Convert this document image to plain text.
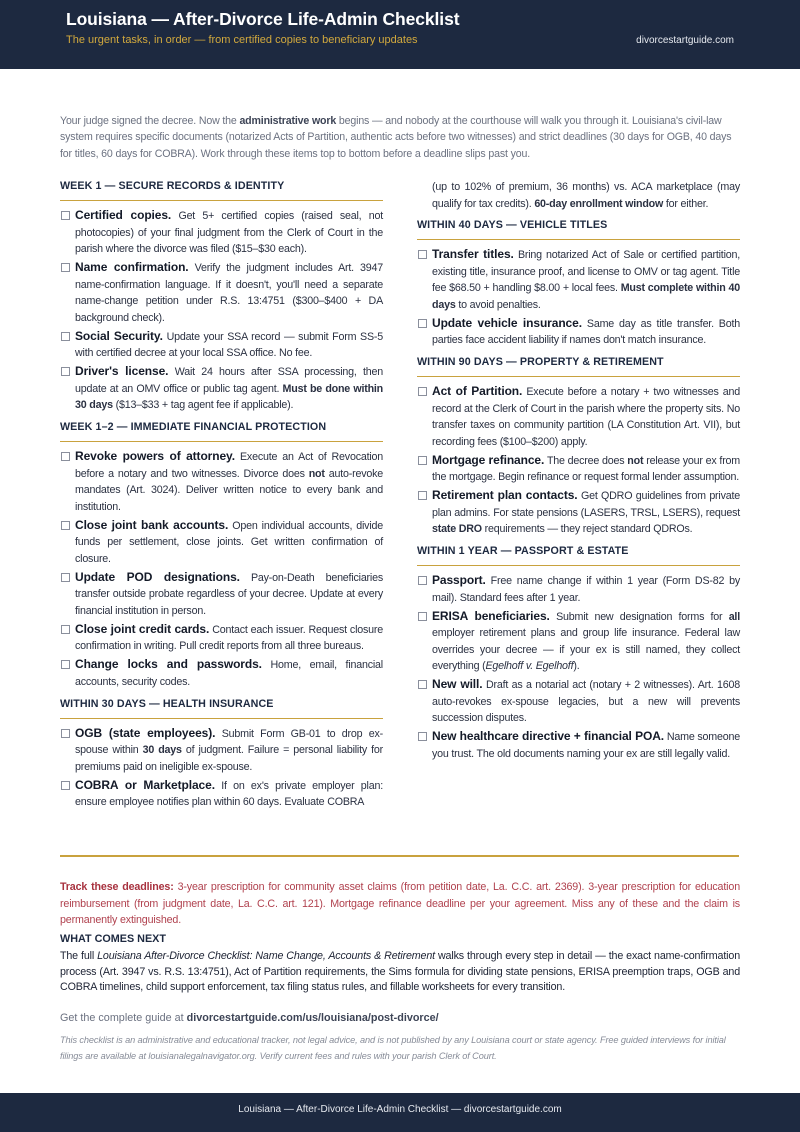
Louisiana — After-Divorce Life-Admin Checklist
The urgent tasks, in order — from certified copies to beneficiary updates	divorcestartguide.com
Your judge signed the decree. Now the administrative work begins — and nobody at the courthouse will walk you through it. Louisiana's civil-law system requires specific documents (notarized Acts of Partition, authentic acts before two witnesses) and strict deadlines (30 days for OGB, 40 days for titles, 60 days for COBRA). Work through these items top to bottom before a deadline slips past you.
WEEK 1 — SECURE RECORDS & IDENTITY
Certified copies. Get 5+ certified copies (raised seal, not photocopies) of your final judgment from the Clerk of Court in the parish where the divorce was filed ($15–$30 each).
Name confirmation. Verify the judgment includes Art. 3947 name-confirmation language. If it doesn't, you'll need a separate name-change petition under R.S. 13:4751 ($300–$400 + DA background check).
Social Security. Update your SSA record — submit Form SS-5 with certified decree at your local SSA office. No fee.
Driver's license. Wait 24 hours after SSA processing, then update at an OMV office or public tag agent. Must be done within 30 days ($13–$33 + tag agent fee if applicable).
WEEK 1–2 — IMMEDIATE FINANCIAL PROTECTION
Revoke powers of attorney. Execute an Act of Revocation before a notary and two witnesses. Divorce does not auto-revoke mandates (Art. 3024). Deliver written notice to every bank and institution.
Close joint bank accounts. Open individual accounts, divide funds per settlement, close joints. Get written confirmation of closure.
Update POD designations. Pay-on-Death beneficiaries transfer outside probate regardless of your decree. Update at every financial institution in person.
Close joint credit cards. Contact each issuer. Request closure confirmation in writing. Pull credit reports from all three bureaus.
Change locks and passwords. Home, email, financial accounts, security codes.
WITHIN 30 DAYS — HEALTH INSURANCE
OGB (state employees). Submit Form GB-01 to drop ex-spouse within 30 days of judgment. Failure = personal liability for premiums paid on ineligible ex-spouse.
COBRA or Marketplace. If on ex's private employer plan: ensure employee notifies plan within 60 days. Evaluate COBRA
(up to 102% of premium, 36 months) vs. ACA marketplace (may qualify for tax credits). 60-day enrollment window for either.
WITHIN 40 DAYS — VEHICLE TITLES
Transfer titles. Bring notarized Act of Sale or certified partition, existing title, insurance proof, and license to OMV or tag agent. Title fee $68.50 + handling $8.00 + local fees. Must complete within 40 days to avoid penalties.
Update vehicle insurance. Same day as title transfer. Both parties face accident liability if names don't match insurance.
WITHIN 90 DAYS — PROPERTY & RETIREMENT
Act of Partition. Execute before a notary + two witnesses and record at the Clerk of Court in the parish where the property sits. No transfer taxes on community partition (LA Constitution Art. VII), but recording fees ($100–$200) apply.
Mortgage refinance. The decree does not release your ex from the mortgage. Begin refinance or request formal lender assumption.
Retirement plan contacts. Get QDRO guidelines from private plan admins. For state pensions (LASERS, TRSL, LSERS), request state DRO requirements — they reject standard QDROs.
WITHIN 1 YEAR — PASSPORT & ESTATE
Passport. Free name change if within 1 year (Form DS-82 by mail). Standard fees after 1 year.
ERISA beneficiaries. Submit new designation forms for all employer retirement plans and group life insurance. Federal law overrides your decree — if your ex is still named, they collect everything (Egelhoff v. Egelhoff).
New will. Draft as a notarial act (notary + 2 witnesses). Art. 1608 auto-revokes ex-spouse legacies, but a new will prevents succession disputes.
New healthcare directive + financial POA. Name someone you trust. The old documents naming your ex are still legally valid.
Track these deadlines: 3-year prescription for community asset claims (from petition date, La. C.C. art. 2369). 3-year prescription for education reimbursement (from judgment date, La. C.C. art. 121). Mortgage refinance deadline per your agreement. Miss any of these and the claim is permanently extinguished.
WHAT COMES NEXT
The full Louisiana After-Divorce Checklist: Name Change, Accounts & Retirement walks through every step in detail — the exact name-confirmation process (Art. 3947 vs. R.S. 13:4751), Act of Partition requirements, the Sims formula for dividing state pensions, ERISA preemption traps, OGB and COBRA timelines, child support enforcement, tax filing status rules, and fillable worksheets for every transition.
Get the complete guide at divorcestartguide.com/us/louisiana/post-divorce/
This checklist is an administrative and educational tracker, not legal advice, and is not published by any Louisiana court or state agency. Free guided interviews for initial filings are available at louisianalegalnavigator.org. Verify current fees and rules with your parish Clerk of Court.
Louisiana — After-Divorce Life-Admin Checklist — divorcestartguide.com
